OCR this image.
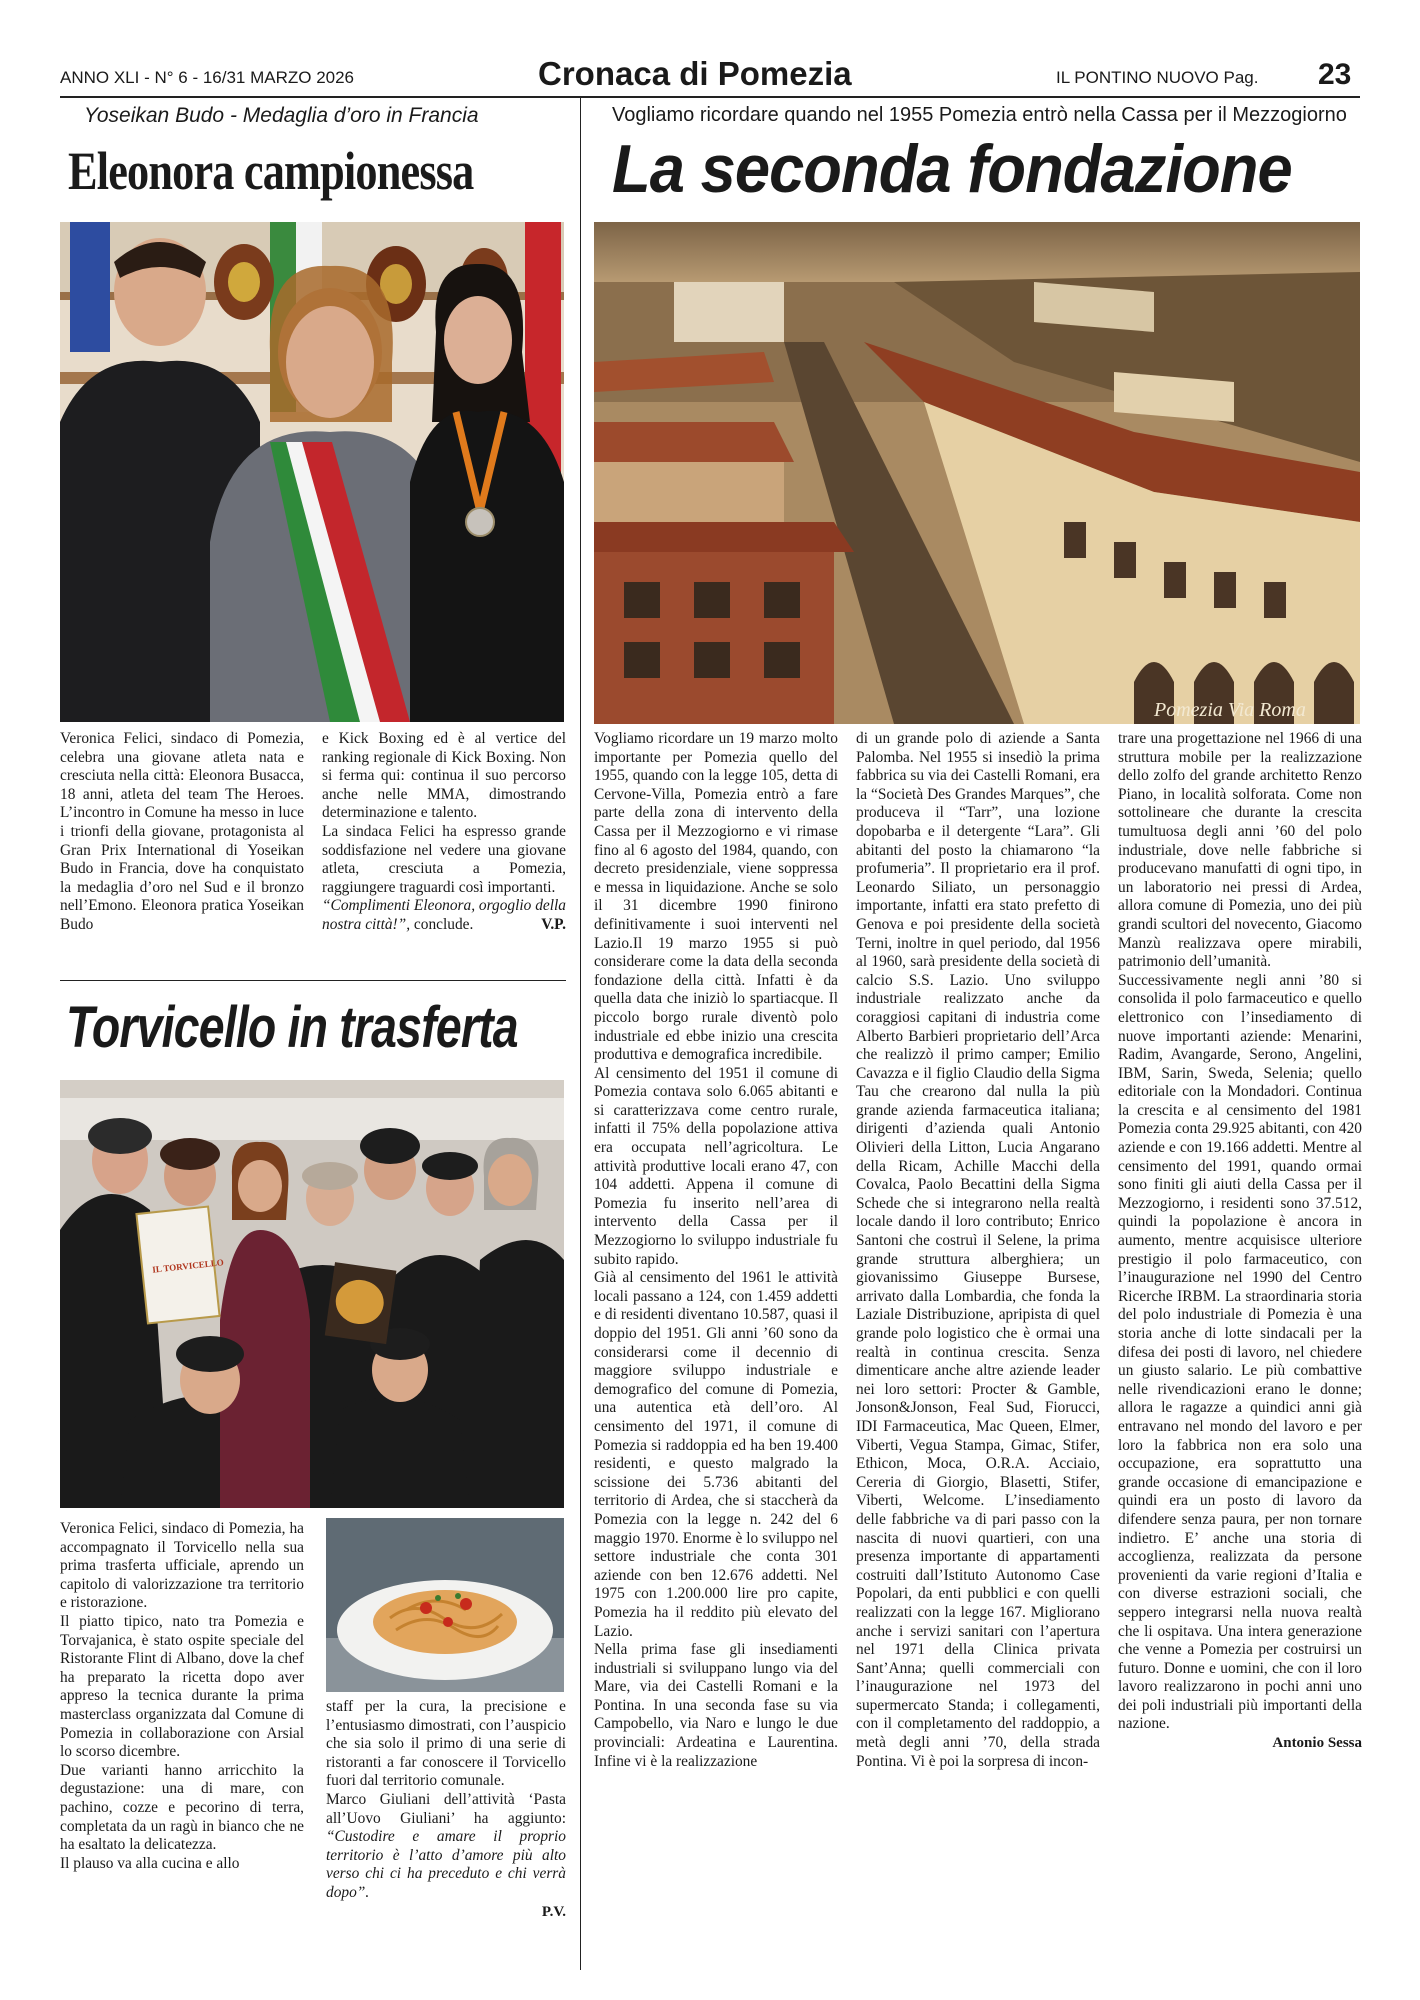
ANNO XLI - N° 6 - 16/31 MARZO 2026	Cronaca di Pomezia	IL PONTINO NUOVO Pag. 23
Yoseikan Budo - Medaglia d’oro in Francia
Eleonora campionessa

Veronica Felici, sindaco di Pomezia, celebra una giovane atleta nata e cresciuta nella città: Eleonora Busacca, 18 anni, atleta del team The Heroes. L’incontro in Comune ha messo in luce i trionfi della giovane, protagonista al Gran Prix International di Yoseikan Budo in Francia, dove ha conquistato la medaglia d’oro nel Sud e il bronzo nell’Emono. Eleonora pratica Yoseikan Budo

e Kick Boxing ed è al vertice del ranking regionale di Kick Boxing. Non si ferma qui: continua il suo percorso anche nelle MMA, dimostrando determinazione e talento.

La sindaca Felici ha espresso grande soddisfazione nel vedere una giovane atleta, cresciuta a Pomezia, raggiungere traguardi così importanti.

“Complimenti Eleonora, orgoglio della nostra città!”, conclude.	V.P.

Torvicello in trasferta
IL TORVICELLO

Veronica Felici, sindaco di Pomezia, ha accompagnato il Torvicello nella sua prima trasferta ufficiale, aprendo un capitolo di valorizzazione tra territorio e ristorazione.

Il piatto tipico, nato tra Pomezia e Torvajanica, è stato ospite speciale del Ristorante Flint di Albano, dove la chef ha preparato la ricetta dopo aver appreso la tecnica durante la prima masterclass organizzata dal Comune di Pomezia in collaborazione con Arsial lo scorso dicembre.

Due varianti hanno arricchito la degustazione: una di mare, con pachino, cozze e pecorino di terra, completata da un ragù in bianco che ne ha esaltato la delicatezza.

Il plauso va alla cucina e allo

staff per la cura, la precisione e l’entusiasmo dimostrati, con l’auspicio che sia solo il primo di una serie di ristoranti a far conoscere il Torvicello fuori dal territorio comunale.

Marco Giuliani dell’attività ‘Pasta all’Uovo Giuliani’ ha aggiunto: “Custodire e amare il proprio territorio è l’atto d’amore più alto verso chi ci ha preceduto e chi verrà dopo”.

P.V.
Vogliamo ricordare quando nel 1955 Pomezia entrò nella Cassa per il Mezzogiorno
La seconda fondazione
Pomezia Via Roma

Vogliamo ricordare un 19 marzo molto importante per Pomezia quello del 1955, quando con la legge 105, detta di Cervone-Villa, Pomezia entrò a fare parte della zona di intervento della Cassa per il Mezzogiorno e vi rimase fino al 6 agosto del 1984, quando, con decreto presidenziale, viene soppressa e messa in liquidazione. Anche se solo il 31 dicembre 1990 finirono definitivamente i suoi interventi nel Lazio.Il 19 marzo 1955 si può considerare come la data della seconda fondazione della città. Infatti è da quella data che iniziò lo spartiacque. Il piccolo borgo rurale diventò polo industriale ed ebbe inizio una crescita produttiva e demografica incredibile.

Al censimento del 1951 il comune di Pomezia contava solo 6.065 abitanti e si caratterizzava come centro rurale, infatti il 75% della popolazione attiva era occupata nell’agricoltura. Le attività produttive locali erano 47, con 104 addetti. Appena il comune di Pomezia fu inserito nell’area di intervento della Cassa per il Mezzogiorno lo sviluppo industriale fu subito rapido.

Già al censimento del 1961 le attività locali passano a 124, con 1.459 addetti e di residenti diventano 10.587, quasi il doppio del 1951. Gli anni ’60 sono da considerarsi come il decennio di maggiore sviluppo industriale e demografico del comune di Pomezia, una autentica età dell’oro. Al censimento del 1971, il comune di Pomezia si raddoppia ed ha ben 19.400 residenti, e questo malgrado la scissione dei 5.736 abitanti del territorio di Ardea, che si staccherà da Pomezia con la legge n. 242 del 6 maggio 1970. Enorme è lo sviluppo nel settore industriale che conta 301 aziende con ben 12.676 addetti. Nel 1975 con 1.200.000 lire pro capite, Pomezia ha il reddito più elevato del Lazio.

Nella prima fase gli insediamenti industriali si sviluppano lungo via del Mare, via dei Castelli Romani e la Pontina. In una seconda fase su via Campobello, via Naro e lungo le due provinciali: Ardeatina e Laurentina. Infine vi è la realizzazione

di un grande polo di aziende a Santa Palomba. Nel 1955 si insediò la prima fabbrica su via dei Castelli Romani, era la “Società Des Grandes Marques”, che produceva il “Tarr”, una lozione dopobarba e il detergente “Lara”. Gli abitanti del posto la chiamarono “la profumeria”. Il proprietario era il prof. Leonardo Siliato, un personaggio importante, infatti era stato prefetto di Genova e poi presidente della società Terni, inoltre in quel periodo, dal 1956 al 1960, sarà presidente della società di calcio S.S. Lazio. Uno sviluppo industriale realizzato anche da coraggiosi capitani di industria come Alberto Barbieri proprietario dell’Arca che realizzò il primo camper; Emilio Cavazza e il figlio Claudio della Sigma Tau che crearono dal nulla la più grande azienda farmaceutica italiana; dirigenti d’azienda quali Antonio Olivieri della Litton, Lucia Angarano della Ricam, Achille Macchi della Covalca, Paolo Becattini della Sigma Schede che si integrarono nella realtà locale dando il loro contributo; Enrico Santoni che costruì il Selene, la prima grande struttura alberghiera; un giovanissimo Giuseppe Bursese, arrivato dalla Lombardia, che fonda la Laziale Distribuzione, apripista di quel grande polo logistico che è ormai una realtà in continua crescita. Senza dimenticare anche altre aziende leader nei loro settori: Procter & Gamble, Jonson&Jonson, Feal Sud, Fiorucci, IDI Farmaceutica, Mac Queen, Elmer, Viberti, Vegua Stampa, Gimac, Stifer, Ethicon, Moca, O.R.A. Acciaio, Cereria di Giorgio, Blasetti, Stifer, Viberti, Welcome. L’insediamento delle fabbriche va di pari passo con la nascita di nuovi quartieri, con una presenza importante di appartamenti costruiti dall’Istituto Autonomo Case Popolari, da enti pubblici e con quelli realizzati con la legge 167. Migliorano anche i servizi sanitari con l’apertura nel 1971 della Clinica privata Sant’Anna; quelli commerciali con l’inaugurazione nel 1973 del supermercato Standa; i collegamenti, con il completamento del raddoppio, a metà degli anni ’70, della strada Pontina. Vi è poi la sorpresa di incon-

trare una progettazione nel 1966 di una struttura mobile per la realizzazione dello zolfo del grande architetto Renzo Piano, in località solforata. Come non sottolineare che durante la crescita tumultuosa degli anni ’60 del polo industriale, dove nelle fabbriche si producevano manufatti di ogni tipo, in un laboratorio nei pressi di Ardea, allora comune di Pomezia, uno dei più grandi scultori del novecento, Giacomo Manzù realizzava opere mirabili, patrimonio dell’umanità.

Successivamente negli anni ’80 si consolida il polo farmaceutico e quello elettronico con l’insediamento di nuove importanti aziende: Menarini, Radim, Avangarde, Serono, Angelini, IBM, Sarin, Sweda, Selenia; quello editoriale con la Mondadori. Continua la crescita e al censimento del 1981 Pomezia conta 29.925 abitanti, con 420 aziende e con 19.166 addetti. Mentre al censimento del 1991, quando ormai sono finiti gli aiuti della Cassa per il Mezzogiorno, i residenti sono 37.512, quindi la popolazione è ancora in aumento, mentre acquisisce ulteriore prestigio il polo farmaceutico, con l’inaugurazione nel 1990 del Centro Ricerche IRBM. La straordinaria storia del polo industriale di Pomezia è una storia anche di lotte sindacali per la difesa dei posti di lavoro, nel chiedere un giusto salario. Le più combattive nelle rivendicazioni erano le donne; allora le ragazze a quindici anni già entravano nel mondo del lavoro e per loro la fabbrica non era solo una occupazione, era soprattutto una grande occasione di emancipazione e quindi era un posto di lavoro da difendere senza paura, per non tornare indietro. E’ anche una storia di accoglienza, realizzata da persone provenienti da varie regioni d’Italia e con diverse estrazioni sociali, che seppero integrarsi nella nuova realtà che li ospitava. Una intera generazione che venne a Pomezia per costruirsi un futuro. Donne e uomini, che con il loro lavoro realizzarono in pochi anni uno dei poli industriali più importanti della nazione.

Antonio Sessa
